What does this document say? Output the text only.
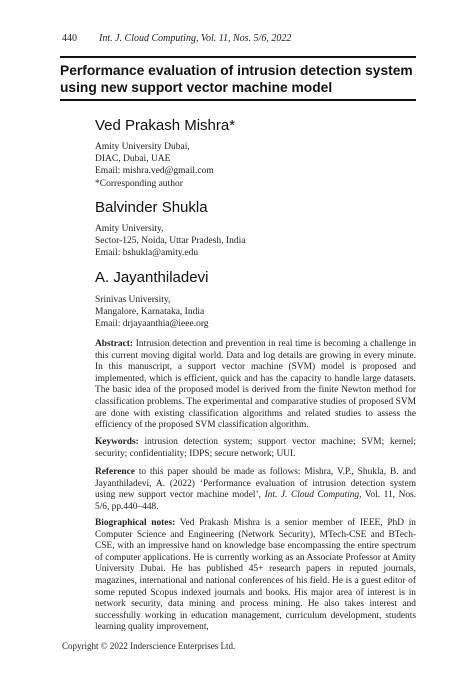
440 Int. J. Cloud Computing, Vol. 11, Nos. 5/6, 2022
Performance evaluation of intrusion detection system using new support vector machine model
Ved Prakash Mishra*
Amity University Dubai,
DIAC, Dubai, UAE
Email: mishra.ved@gmail.com
*Corresponding author
Balvinder Shukla
Amity University,
Sector-125, Noida, Uttar Pradesh, India
Email: bshukla@amity.edu
A. Jayanthiladevi
Srinivas University,
Mangalore, Karnataka, India
Email: drjayaanthia@ieee.org

Abstract: Intrusion detection and prevention in real time is becoming a challenge in this current moving digital world. Data and log details are growing in every minute. In this manuscript, a support vector machine (SVM) model is proposed and implemented, which is efficient, quick and has the capacity to handle large datasets. The basic idea of the proposed model is derived from the finite Newton method for classification problems. The experimental and comparative studies of proposed SVM are done with existing classification algorithms and related studies to assess the efficiency of the proposed SVM classification algorithm.

Keywords: intrusion detection system; support vector machine; SVM; kernel; security; confidentiality; IDPS; secure network; UUI.

Reference to this paper should be made as follows: Mishra, V.P., Shukla, B. and Jayanthiladevi, A. (2022) ‘Performance evaluation of intrusion detection system using new support vector machine model’, Int. J. Cloud Computing, Vol. 11, Nos. 5/6, pp.440–448.

Biographical notes: Ved Prakash Mishra is a senior member of IEEE, PhD in Computer Science and Engineering (Network Security), MTech-CSE and BTech-CSE, with an impressive hand on knowledge base encompassing the entire spectrum of computer applications. He is currently working as an Associate Professor at Amity University Dubai. He has published 45+ research papers in reputed journals, magazines, international and national conferences of his field. He is a guest editor of some reputed Scopus indexed journals and books. His major area of interest is in network security, data mining and process mining. He also takes interest and successfully working in education management, curriculum development, students learning quality improvement,

Copyright © 2022 Inderscience Enterprises Ltd.
